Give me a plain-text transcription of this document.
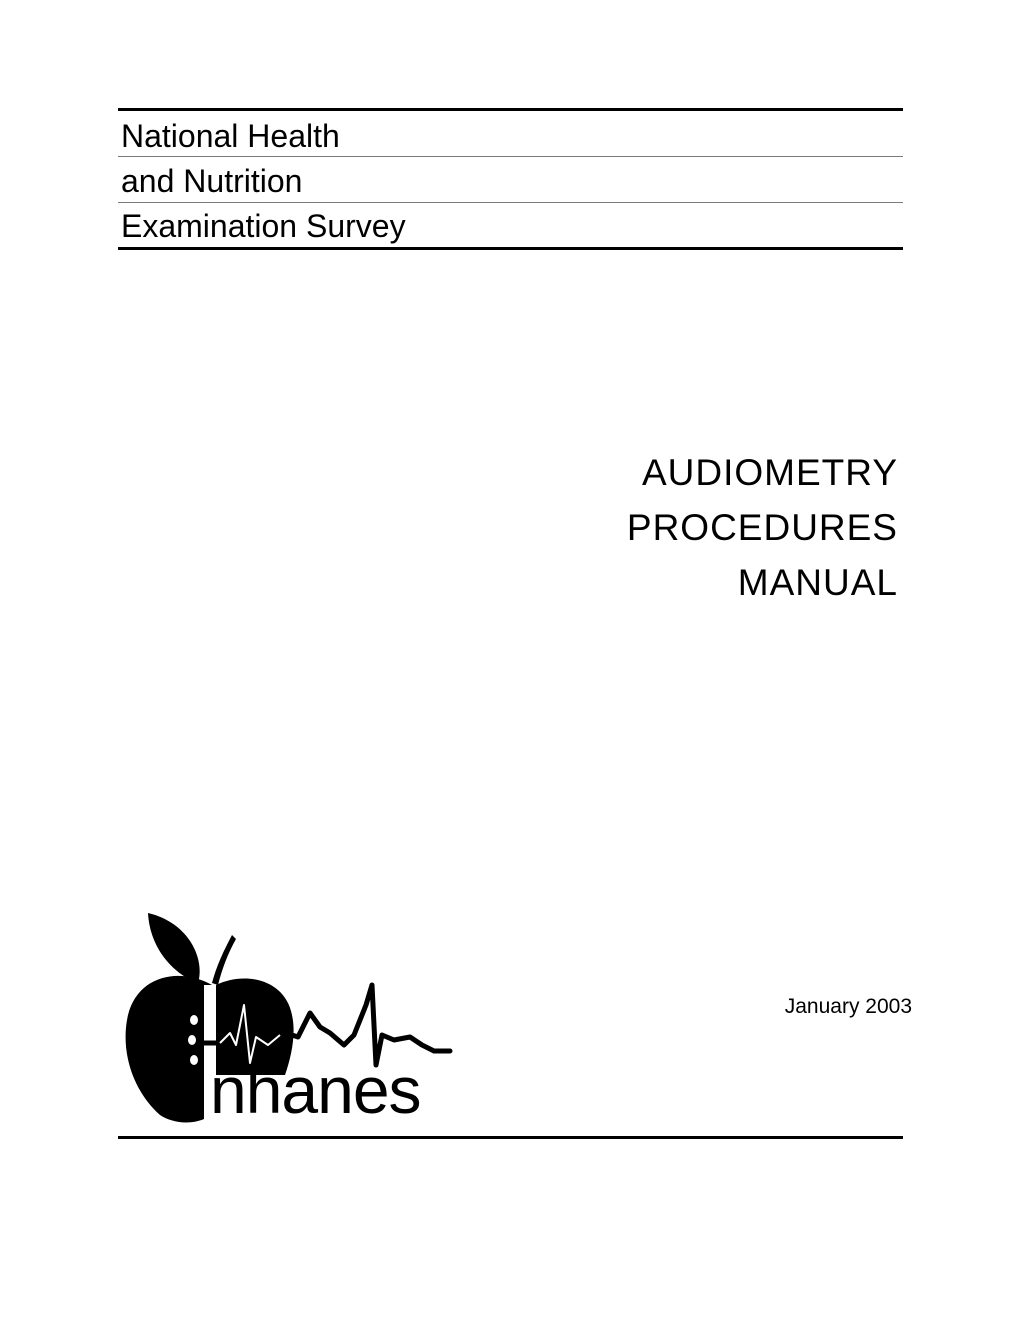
National Health
and Nutrition
Examination Survey
AUDIOMETRY
PROCEDURES
MANUAL
nhanes
January 2003
